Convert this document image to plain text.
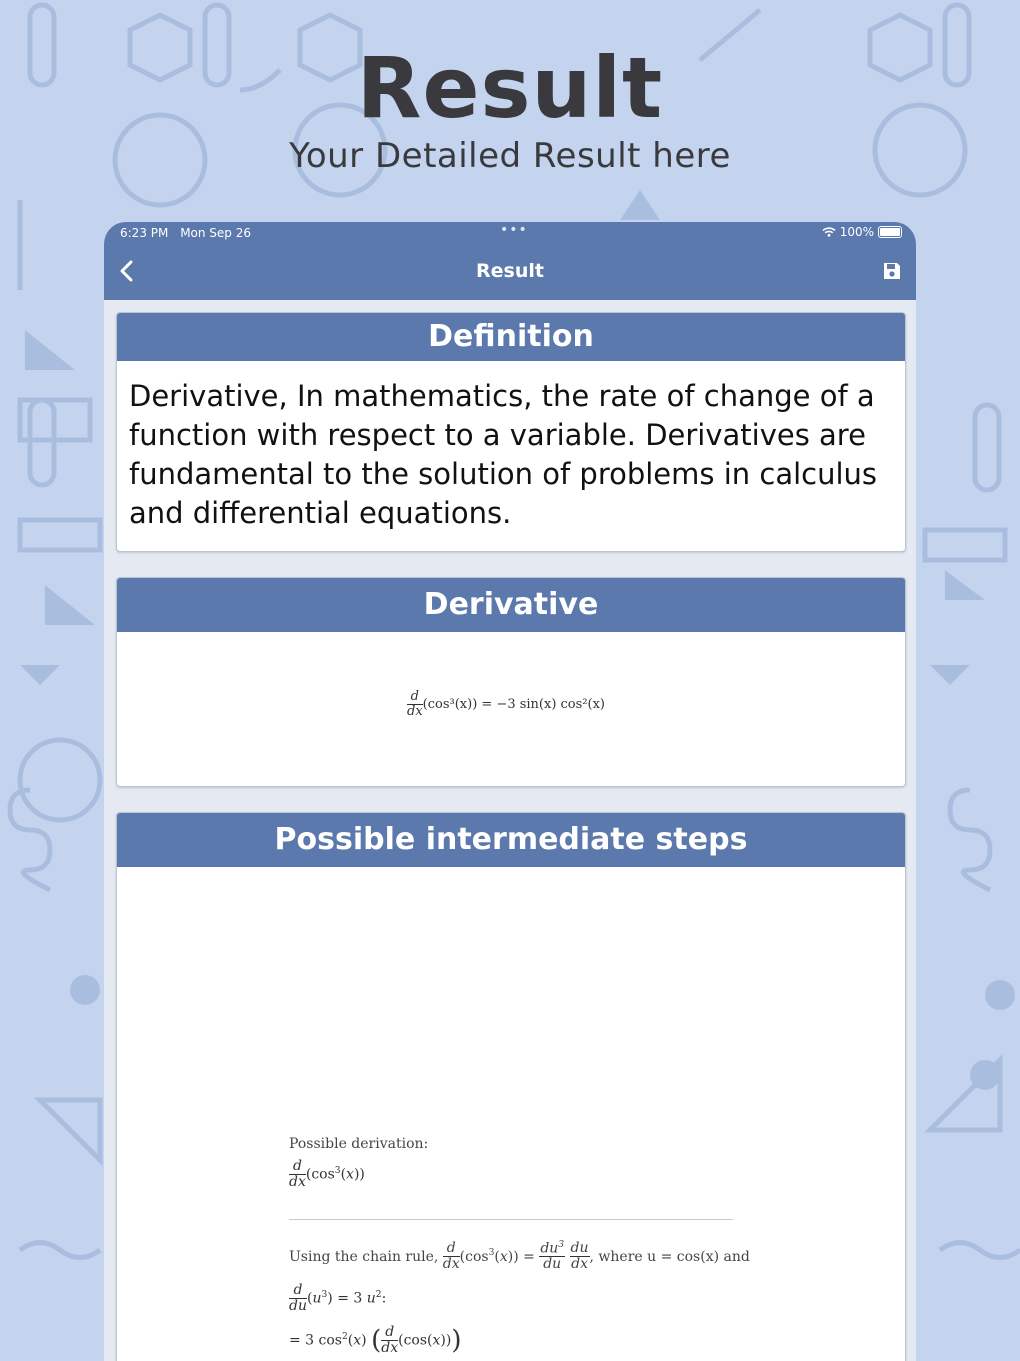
Result
Your Detailed Result here
6:23 PM Mon Sep 26	•••	100%
Result
Definition
Derivative, In mathematics, the rate of change of a function with respect to a variable. Derivatives are fundamental to the solution of problems in calculus and differential equations.
Derivative
$\frac{d}{dx} (\cos^3(x)) = -3$ sin(x) cos²(x)
Possible intermediate steps
Possible derivation:
$\frac{d}{dx} (\cos^3(x))$
Using the chain rule, $\frac{d}{dx} (\cos^3(x)) = \frac{du^3}{du}$
$\frac{du}{dx}$ , where u = cos(x) and
$\frac{d}{du} (u^3) = 3$ $u^2$:
= 3 $\cos^2(x)$ ( $\frac{d}{dx} (\cos(x))$)
